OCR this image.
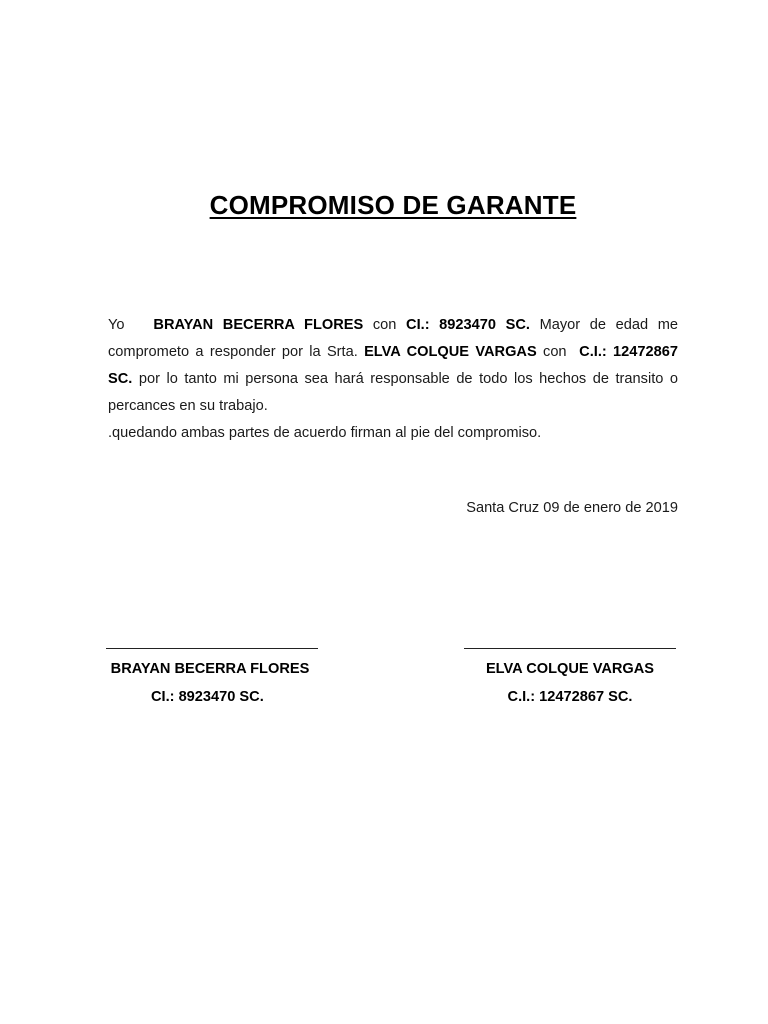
COMPROMISO DE GARANTE

Yo BRAYAN BECERRA FLORES con CI.: 8923470 SC. Mayor de edad me comprometo a responder por la Srta. ELVA COLQUE VARGAS con C.I.: 12472867 SC. por lo tanto mi persona sea hará responsable de todo los hechos de transito o percances en su trabajo.

.quedando ambas partes de acuerdo firman al pie del compromiso.

Santa Cruz 09 de enero de 2019
BRAYAN BECERRA FLORES
CI.: 8923470 SC.
ELVA COLQUE VARGAS
C.I.: 12472867 SC.
